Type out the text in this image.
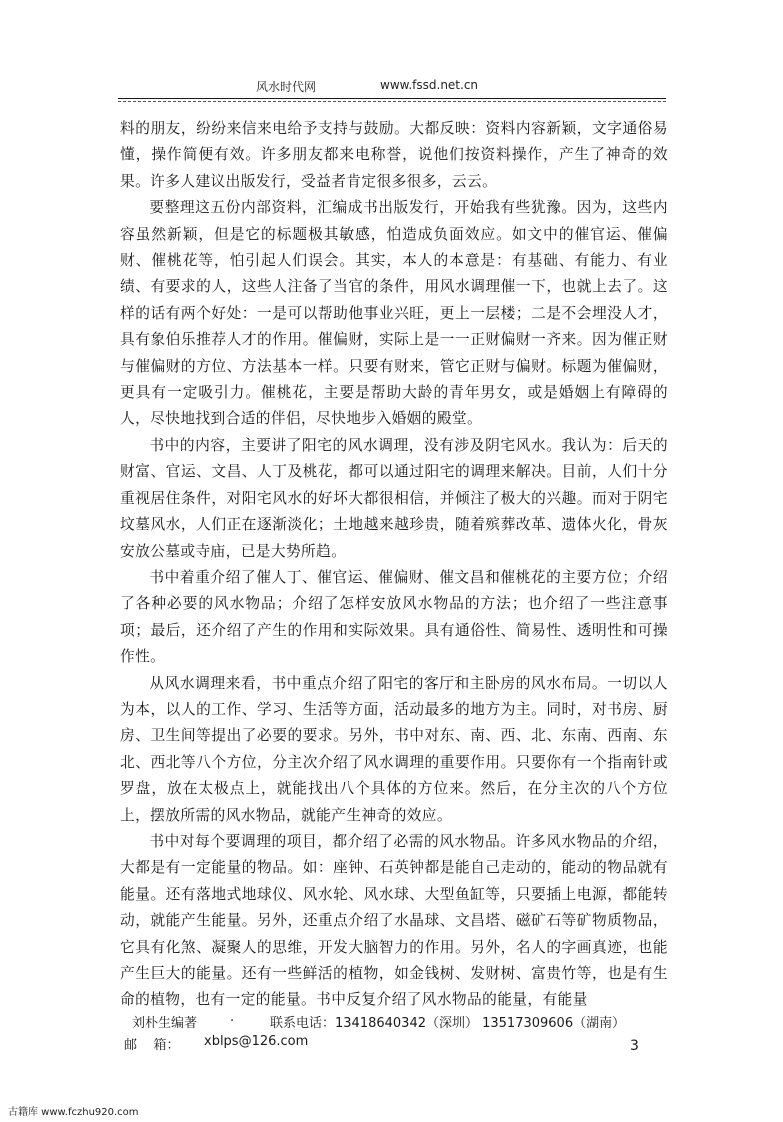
风水时代网	www.fssd.net.cn

料的朋友，纷纷来信来电给予支持与鼓励。大都反映：资料内容新颖，文字通俗易懂，操作简便有效。许多朋友都来电称誉，说他们按资料操作，产生了神奇的效果。许多人建议出版发行，受益者肯定很多很多，云云。

要整理这五份内部资料，汇编成书出版发行，开始我有些犹豫。因为，这些内容虽然新颖，但是它的标题极其敏感，怕造成负面效应。如文中的催官运、催偏财、催桃花等，怕引起人们误会。其实，本人的本意是：有基础、有能力、有业绩、有要求的人，这些人注备了当官的条件，用风水调理催一下，也就上去了。这样的话有两个好处：一是可以帮助他事业兴旺，更上一层楼；二是不会埋没人才，具有象伯乐推荐人才的作用。催偏财，实际上是一一正财偏财一齐来。因为催正财与催偏财的方位、方法基本一样。只要有财来，管它正财与偏财。标题为催偏财，更具有一定吸引力。催桃花，主要是帮助大龄的青年男女，或是婚姻上有障碍的人，尽快地找到合适的伴侣，尽快地步入婚姻的殿堂。

书中的内容，主要讲了阳宅的风水调理，没有涉及阴宅风水。我认为：后天的财富、官运、文昌、人丁及桃花，都可以通过阳宅的调理来解决。目前，人们十分重视居住条件，对阳宅风水的好坏大都很相信，并倾注了极大的兴趣。而对于阴宅坟墓风水，人们正在逐渐淡化；土地越来越珍贵，随着殡葬改革、遗体火化，骨灰安放公墓或寺庙，已是大势所趋。

书中着重介绍了催人丁、催官运、催偏财、催文昌和催桃花的主要方位；介绍了各种必要的风水物品；介绍了怎样安放风水物品的方法；也介绍了一些注意事项；最后，还介绍了产生的作用和实际效果。具有通俗性、简易性、透明性和可操作性。

从风水调理来看，书中重点介绍了阳宅的客厅和主卧房的风水布局。一切以人为本，以人的工作、学习、生活等方面，活动最多的地方为主。同时，对书房、厨房、卫生间等提出了必要的要求。另外，书中对东、南、西、北、东南、西南、东北、西北等八个方位，分主次介绍了风水调理的重要作用。只要你有一个指南针或罗盘，放在太极点上，就能找出八个具体的方位来。然后，在分主次的八个方位上，摆放所需的风水物品，就能产生神奇的效应。

书中对每个要调理的项目，都介绍了必需的风水物品。许多风水物品的介绍，大都是有一定能量的物品。如：座钟、石英钟都是能自己走动的，能动的物品就有能量。还有落地式地球仪、风水轮、风水球、大型鱼缸等，只要插上电源，都能转动，就能产生能量。另外，还重点介绍了水晶球、文昌塔、磁矿石等矿物质物品，它具有化煞、凝聚人的思维，开发大脑智力的作用。另外，名人的字画真迹，也能产生巨大的能量。还有一些鲜活的植物，如金钱树、发财树、富贵竹等，也是有生命的植物，也有一定的能量。书中反复介绍了风水物品的能量，有能量

刘朴生编著	.	联系电话：13418640342（深圳） 13517309606（湖南）
邮    箱： xblps@126.com	3
古籍库 www.fczhu920.com
